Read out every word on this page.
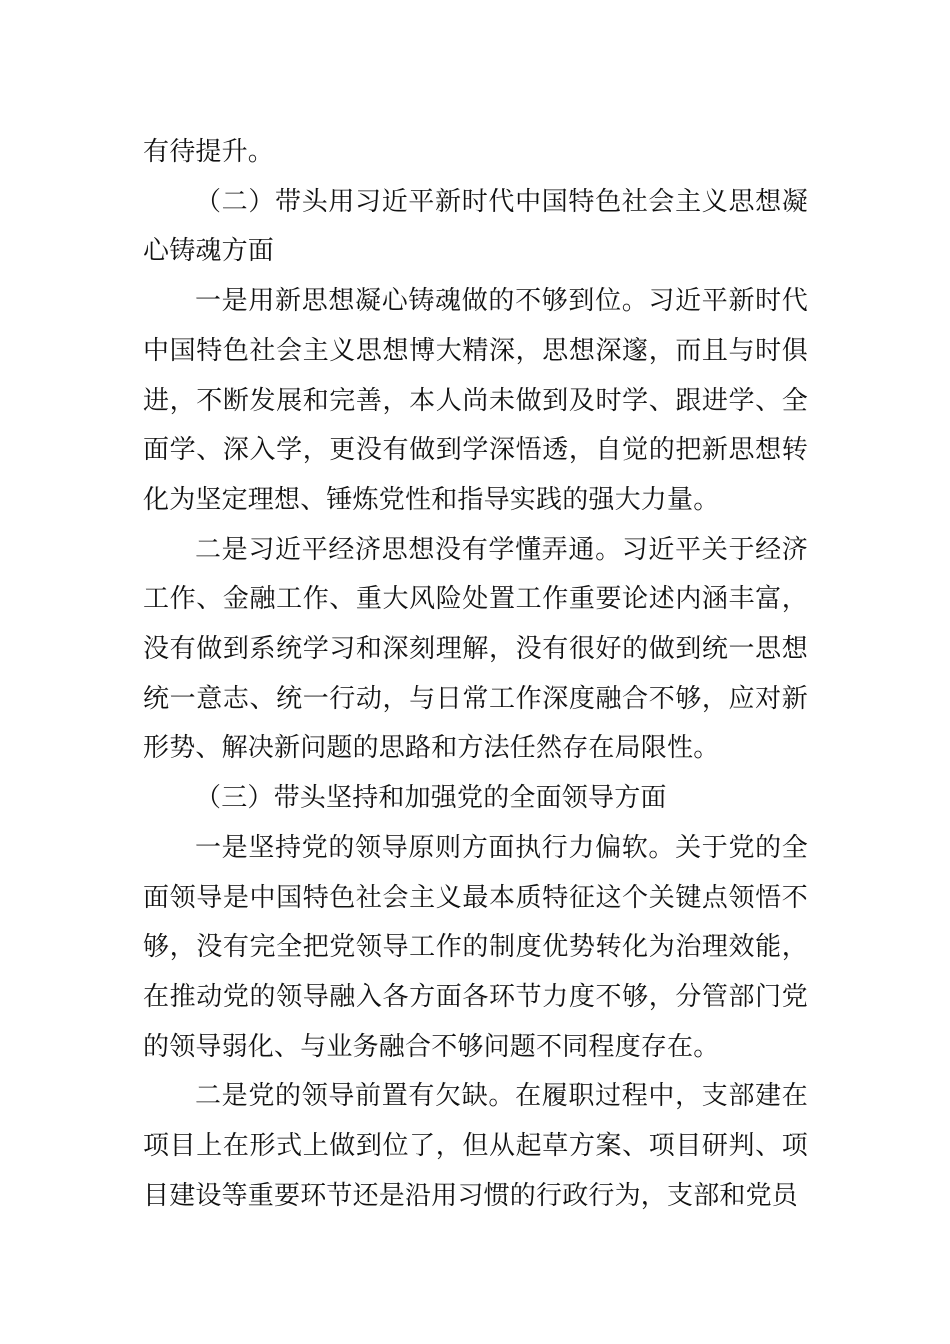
有待提升。

（二）带头用习近平新时代中国特色社会主义思想凝心铸魂方面

一是用新思想凝心铸魂做的不够到位。习近平新时代中国特色社会主义思想博大精深，思想深邃，而且与时俱进，不断发展和完善，本人尚未做到及时学、跟进学、全面学、深入学，更没有做到学深悟透，自觉的把新思想转化为坚定理想、锤炼党性和指导实践的强大力量。

二是习近平经济思想没有学懂弄通。习近平关于经济工作、金融工作、重大风险处置工作重要论述内涵丰富，没有做到系统学习和深刻理解，没有很好的做到统一思想统一意志、统一行动，与日常工作深度融合不够，应对新形势、解决新问题的思路和方法任然存在局限性。

（三）带头坚持和加强党的全面领导方面

一是坚持党的领导原则方面执行力偏软。关于党的全面领导是中国特色社会主义最本质特征这个关键点领悟不够，没有完全把党领导工作的制度优势转化为治理效能，在推动党的领导融入各方面各环节力度不够，分管部门党的领导弱化、与业务融合不够问题不同程度存在。

二是党的领导前置有欠缺。在履职过程中，支部建在项目上在形式上做到位了，但从起草方案、项目研判、项目建设等重要环节还是沿用习惯的行政行为，支部和党员
